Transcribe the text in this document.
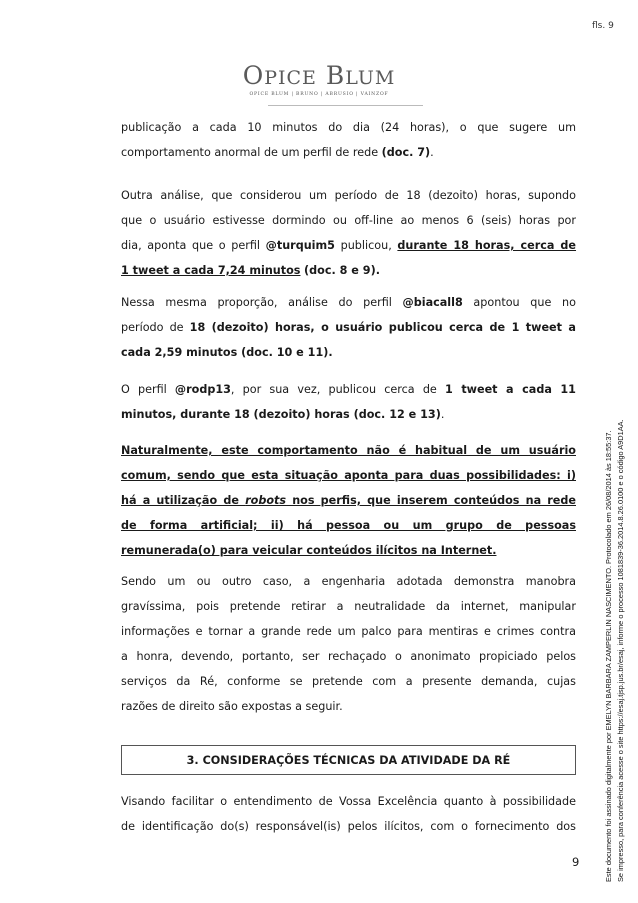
fls. 9
OPICE BLUM
OPICE BLUM | BRUNO | ABRUSIO | VAINZOF
publicação a cada 10 minutos do dia (24 horas), o que sugere um
comportamento anormal de um perfil de rede (doc. 7).
Outra análise, que considerou um período de 18 (dezoito) horas, supondo
que o usuário estivesse dormindo ou off-line ao menos 6 (seis) horas por
dia, aponta que o perfil @turquim5 publicou, durante 18 horas, cerca de
1 tweet a cada 7,24 minutos (doc. 8 e 9).
Nessa mesma proporção, análise do perfil @biacall8 apontou que no
período de 18 (dezoito) horas, o usuário publicou cerca de 1 tweet a
cada 2,59 minutos (doc. 10 e 11).
O perfil @rodp13, por sua vez, publicou cerca de 1 tweet a cada 11
minutos, durante 18 (dezoito) horas (doc. 12 e 13).
Naturalmente, este comportamento não é habitual de um usuário
comum, sendo que esta situação aponta para duas possibilidades: i)
há a utilização de robots nos perfis, que inserem conteúdos na rede
de forma artificial; ii) há pessoa ou um grupo de pessoas
remunerada(o) para veicular conteúdos ilícitos na Internet.
Sendo um ou outro caso, a engenharia adotada demonstra manobra
gravíssima, pois pretende retirar a neutralidade da internet, manipular
informações e tornar a grande rede um palco para mentiras e crimes contra
a honra, devendo, portanto, ser rechaçado o anonimato propiciado pelos
serviços da Ré, conforme se pretende com a presente demanda, cujas
razões de direito são expostas a seguir.
3. CONSIDERAÇÕES TÉCNICAS DA ATIVIDADE DA RÉ
Visando facilitar o entendimento de Vossa Excelência quanto à possibilidade
de identificação do(s) responsável(is) pelos ilícitos, com o fornecimento dos
9	Este documento foi assinado digitalmente por EMELYN BARBARA ZAMPERLIN NASCIMENTO. Protocolado em 26/08/2014 às 18:55:37. Se impresso, para conferência acesse o site https://esaj.tjsp.jus.br/esaj, informe o processo 1081839-36.2014.8.26.0100 e o código A9D1AA.
